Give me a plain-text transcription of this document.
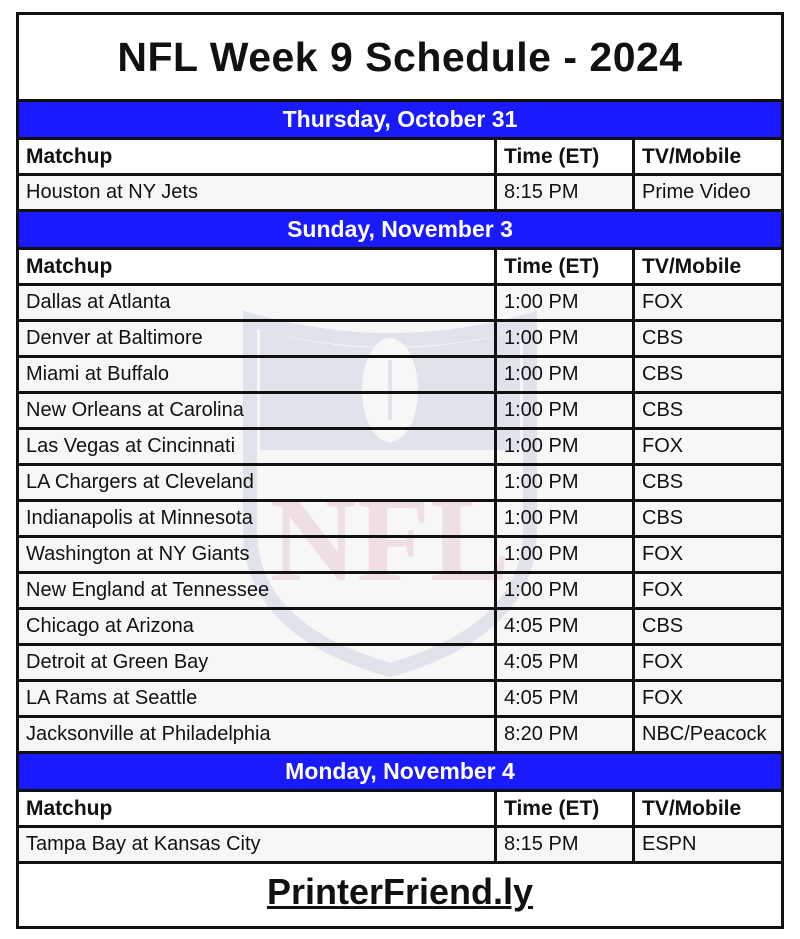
NFL Week 9 Schedule - 2024
Thursday, October 31
Matchup	Time (ET)	TV/Mobile
Houston at NY Jets	8:15 PM	Prime Video
Sunday, November 3
Matchup	Time (ET)	TV/Mobile
Dallas at Atlanta	1:00 PM	FOX
Denver at Baltimore	1:00 PM	CBS
Miami at Buffalo	1:00 PM	CBS
New Orleans at Carolina	1:00 PM	CBS
Las Vegas at Cincinnati	1:00 PM	FOX
LA Chargers at Cleveland	1:00 PM	CBS
Indianapolis at Minnesota	1:00 PM	CBS
Washington at NY Giants	1:00 PM	FOX
New England at Tennessee	1:00 PM	FOX
Chicago at Arizona	4:05 PM	CBS
Detroit at Green Bay	4:05 PM	FOX
LA Rams at Seattle	4:05 PM	FOX
Jacksonville at Philadelphia	8:20 PM	NBC/Peacock
Monday, November 4
Matchup	Time (ET)	TV/Mobile
Tampa Bay at Kansas City	8:15 PM	ESPN
PrinterFriend.ly
